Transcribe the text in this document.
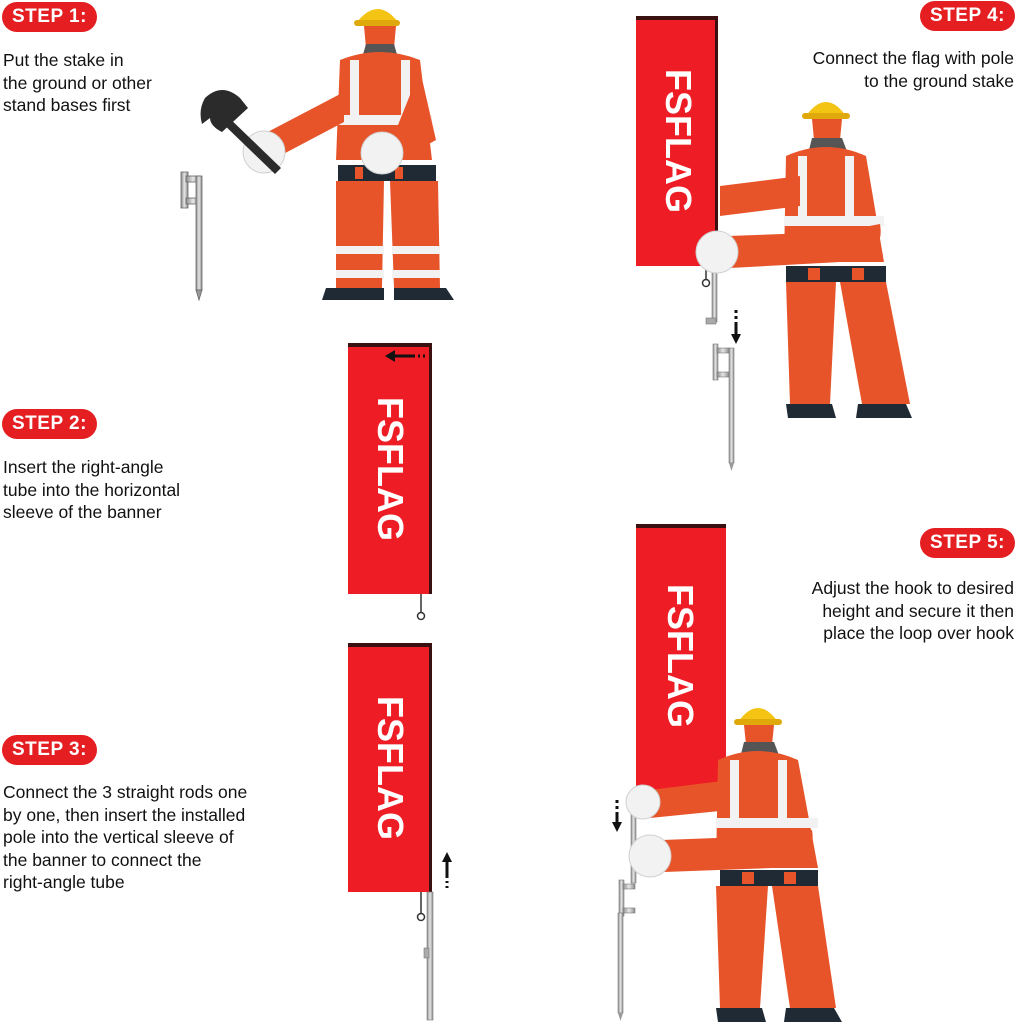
FSFLAG
FSFLAG
FSFLAG
FSFLAG
STEP 1:
Put the stake in
the ground or other
stand bases first
STEP 2:
Insert the right-angle
tube into the horizontal
sleeve of the banner
STEP 3:
Connect the 3 straight rods one
by one, then insert the installed
pole into the vertical sleeve of
the banner to connect the
right-angle tube
STEP 4:
Connect the flag with pole
to the ground stake
STEP 5:
Adjust the hook to desired
height and secure it then
place the loop over hook
